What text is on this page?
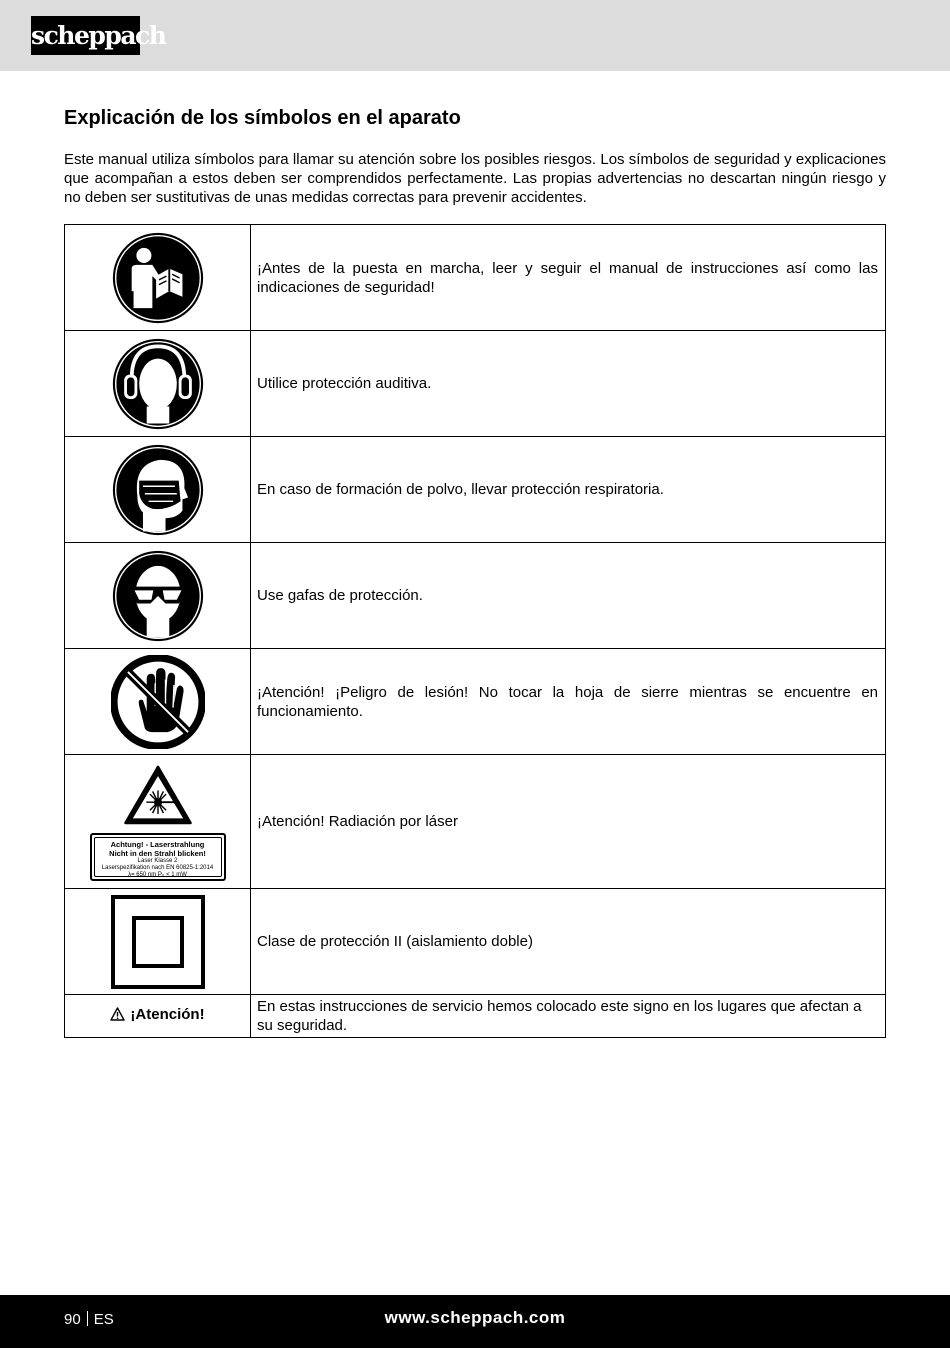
scheppach
Explicación de los símbolos en el aparato

Este manual utiliza símbolos para llamar su atención sobre los posibles riesgos. Los símbolos de seguridad y explicaciones que acompañan a estos deben ser comprendidos perfectamente. Las propias advertencias no descartan ningún riesgo y no deben ser sustitutivas de unas medidas correctas para prevenir accidentes.

	¡Antes de la puesta en marcha, leer y seguir el manual de instrucciones así como las indicaciones de seguridad!

	Utilice protección auditiva.

	En caso de formación de polvo, llevar protección respiratoria.

	Use gafas de protección.

	¡Atención! ¡Peligro de lesión! No tocar la hoja de sierre mientras se encuentre en funcionamiento.

Achtung! - Laserstrahlung
Nicht in den Strahl blicken!
Laser Klasse 2
Laserspezifikation nach EN 60825-1:2014
λ= 650 nm P₀ < 1 mW	¡Atención! Radiación por láser

	Clase de protección II (aislamiento doble)

¡Atención!	En estas instrucciones de servicio hemos colocado este signo en los lugares que afectan a su seguridad.
90 ES	www.scheppach.com
